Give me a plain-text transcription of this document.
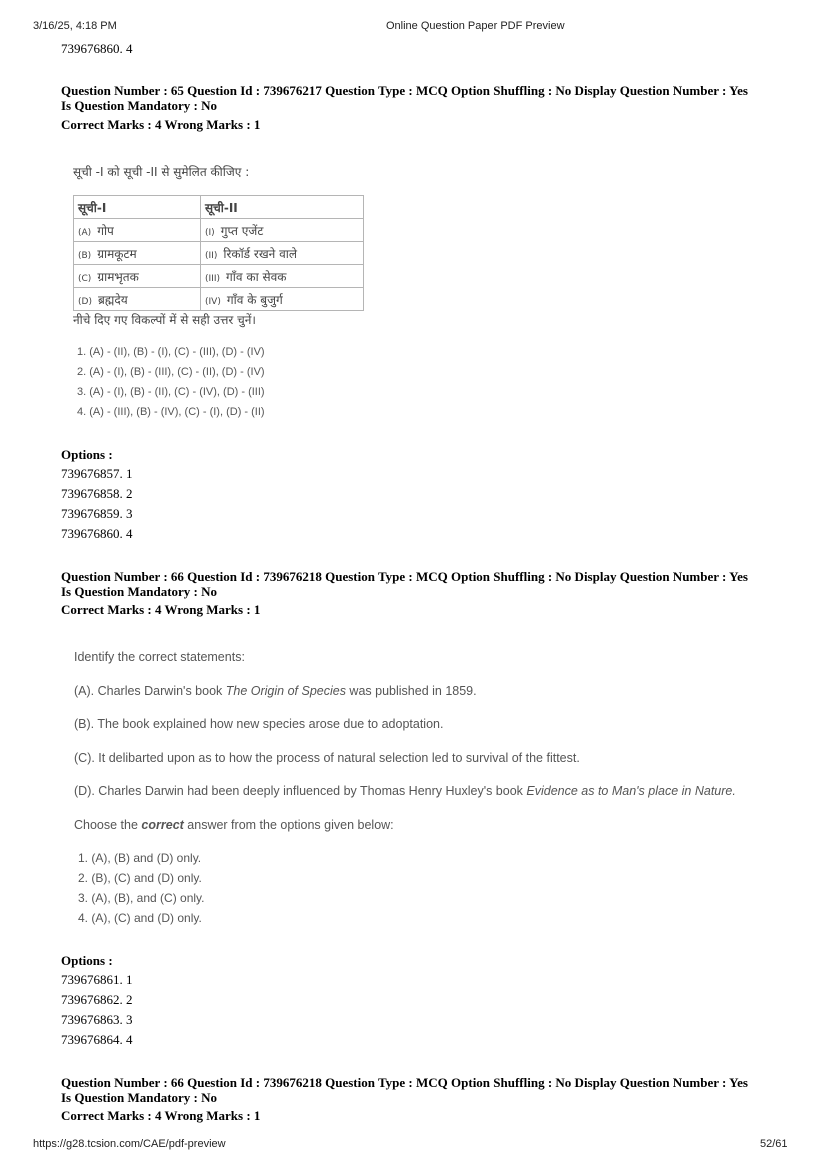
3/16/25, 4:18 PM	Online Question Paper PDF Preview
739676860. 4
Question Number : 65 Question Id : 739676217 Question Type : MCQ Option Shuffling : No Display Question Number : Yes
Is Question Mandatory : No
Correct Marks : 4 Wrong Marks : 1
सूची -I को सूची -II से सुमेलित कीजिए :
सूची-I	सूची-II
(A) गोप	(I) गुप्त एजेंट
(B) ग्रामकूटम	(II) रिकॉर्ड रखने वाले
(C) ग्रामभृतक	(III) गाँव का सेवक
(D) ब्रह्मदेय	(IV) गाँव के बुजुर्ग
नीचे दिए गए विकल्पों में से सही उत्तर चुनें।
1. (A) - (II), (B) - (I), (C) - (III), (D) - (IV)
2. (A) - (I), (B) - (III), (C) - (II), (D) - (IV)
3. (A) - (I), (B) - (II), (C) - (IV), (D) - (III)
4. (A) - (III), (B) - (IV), (C) - (I), (D) - (II)
Options :
739676857. 1
739676858. 2
739676859. 3
739676860. 4
Question Number : 66 Question Id : 739676218 Question Type : MCQ Option Shuffling : No Display Question Number : Yes
Is Question Mandatory : No
Correct Marks : 4 Wrong Marks : 1
Identify the correct statements:
(A). Charles Darwin's book The Origin of Species was published in 1859.
(B). The book explained how new species arose due to adoptation.
(C). It delibarted upon as to how the process of natural selection led to survival of the fittest.
(D). Charles Darwin had been deeply influenced by Thomas Henry Huxley's book Evidence as to Man's place in Nature.
Choose the correct answer from the options given below:
1. (A), (B) and (D) only.
2. (B), (C) and (D) only.
3. (A), (B), and (C) only.
4. (A), (C) and (D) only.
Options :
739676861. 1
739676862. 2
739676863. 3
739676864. 4
Question Number : 66 Question Id : 739676218 Question Type : MCQ Option Shuffling : No Display Question Number : Yes
Is Question Mandatory : No
Correct Marks : 4 Wrong Marks : 1
https://g28.tcsion.com/CAE/pdf-preview	52/61
